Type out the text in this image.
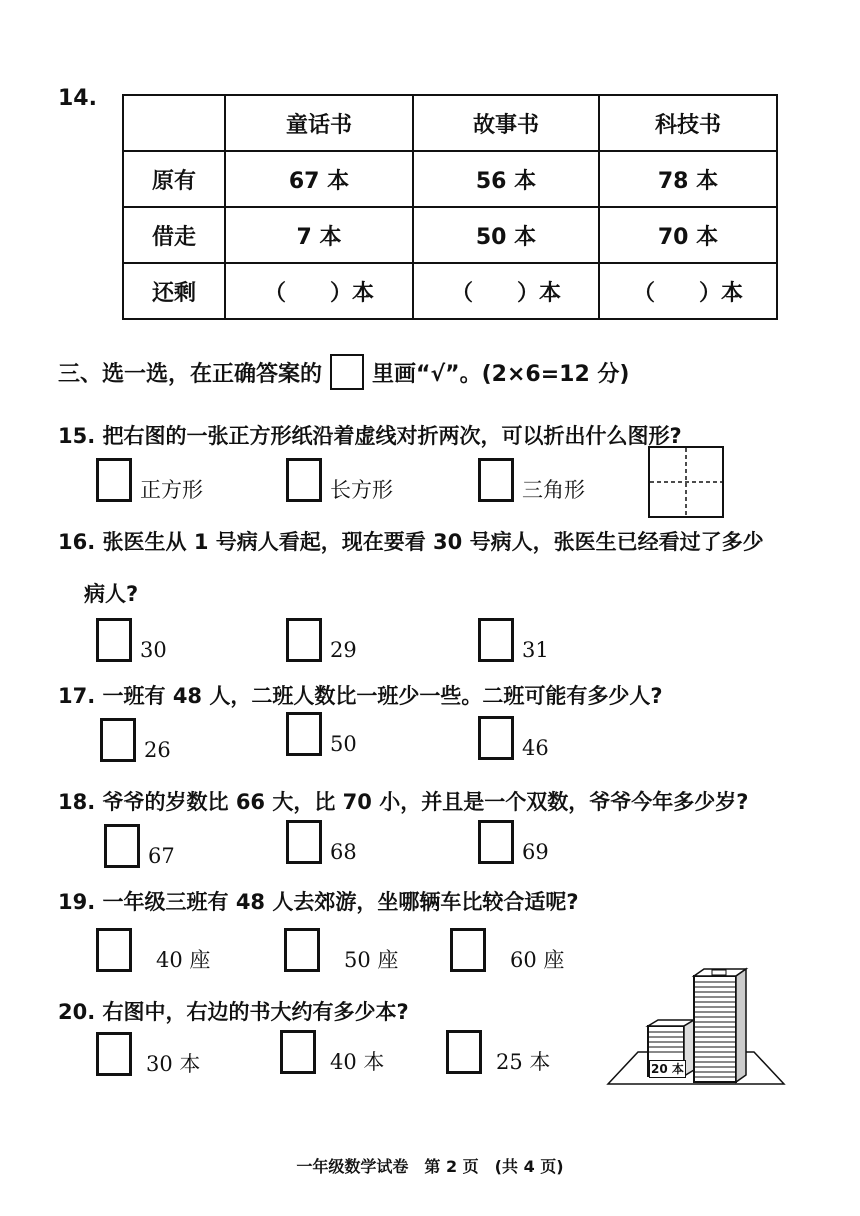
14.
	童话书	故事书	科技书
原有	67 本	56 本	78 本
借走	7 本	50 本	70 本
还剩	（　　）本	（　　）本	（　　）本
三、选一选，在正确答案的 里画“√”。(2×6=12 分)
15. 把右图的一张正方形纸沿着虚线对折两次，可以折出什么图形?
正方形	长方形	三角形
16. 张医生从 1 号病人看起，现在要看 30 号病人，张医生已经看过了多少
病人?
30	29	31
17. 一班有 48 人，二班人数比一班少一些。二班可能有多少人?
26	50	46
18. 爷爷的岁数比 66 大，比 70 小，并且是一个双数，爷爷今年多少岁?
67	68	69
19. 一年级三班有 48 人去郊游，坐哪辆车比较合适呢?
40 座	50 座	60 座
20. 右图中，右边的书大约有多少本?
30 本	40 本	25 本	20 本
一年级数学试卷　第 2 页　(共 4 页)
